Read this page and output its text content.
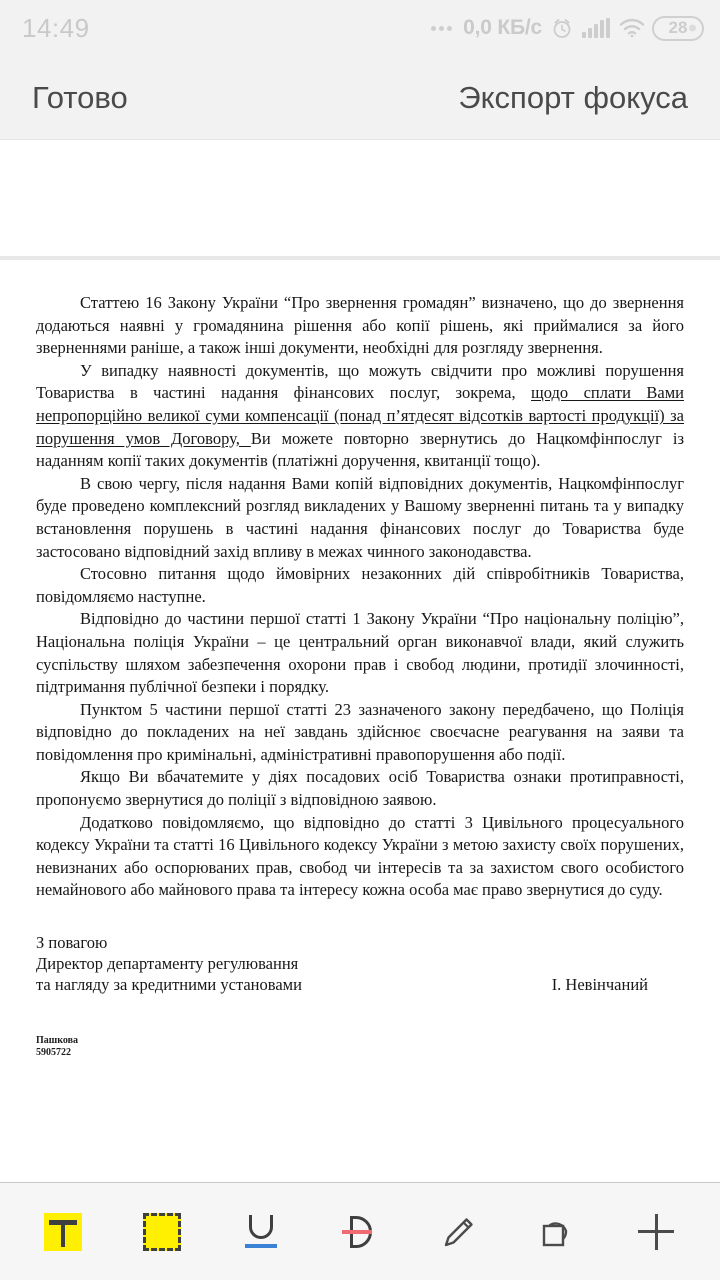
14:49	0,0 КБ/с	28
Готово	Экспорт фокуса

Статтею 16 Закону України “Про звернення громадян” визначено, що до звернення додаються наявні у громадянина рішення або копії рішень, які приймалися за його зверненнями раніше, а також інші документи, необхідні для розгляду звернення.

У випадку наявності документів, що можуть свідчити про можливі порушення Товариства в частині надання фінансових послуг, зокрема, щодо сплати Вами непропорційно великої суми компенсації (понад п’ятдесят відсотків вартості продукції) за порушення умов Договору, Ви можете повторно звернутись до Нацкомфінпослуг із наданням копії таких документів (платіжні доручення, квитанції тощо).

В свою чергу, після надання Вами копій відповідних документів, Нацкомфінпослуг буде проведено комплексний розгляд викладених у Вашому зверненні питань та у випадку встановлення порушень в частині надання фінансових послуг до Товариства буде застосовано відповідний захід впливу в межах чинного законодавства.

Стосовно питання щодо ймовірних незаконних дій співробітників Товариства, повідомляємо наступне.

Відповідно до частини першої статті 1 Закону України “Про національну поліцію”, Національна поліція України – це центральний орган виконавчої влади, який служить суспільству шляхом забезпечення охорони прав і свобод людини, протидії злочинності, підтримання публічної безпеки і порядку.

Пунктом 5 частини першої статті 23 зазначеного закону передбачено, що Поліція відповідно до покладених на неї завдань здійснює своєчасне реагування на заяви та повідомлення про кримінальні, адміністративні правопорушення або події.

Якщо Ви вбачатемите у діях посадових осіб Товариства ознаки протиправності, пропонуємо звернутися до поліції з відповідною заявою.

Додатково повідомляємо, що відповідно до статті 3 Цивільного процесуального кодексу України та статті 16 Цивільного кодексу України з метою захисту своїх порушених, невизнаних або оспорюваних прав, свобод чи інтересів та за захистом свого особистого немайнового або майнового права та інтересу кожна особа має право звернутися до суду.

З повагою
Директор департаменту регулювання
та нагляду за кредитними установами	І. Невінчаний
Пашкова
5905722
